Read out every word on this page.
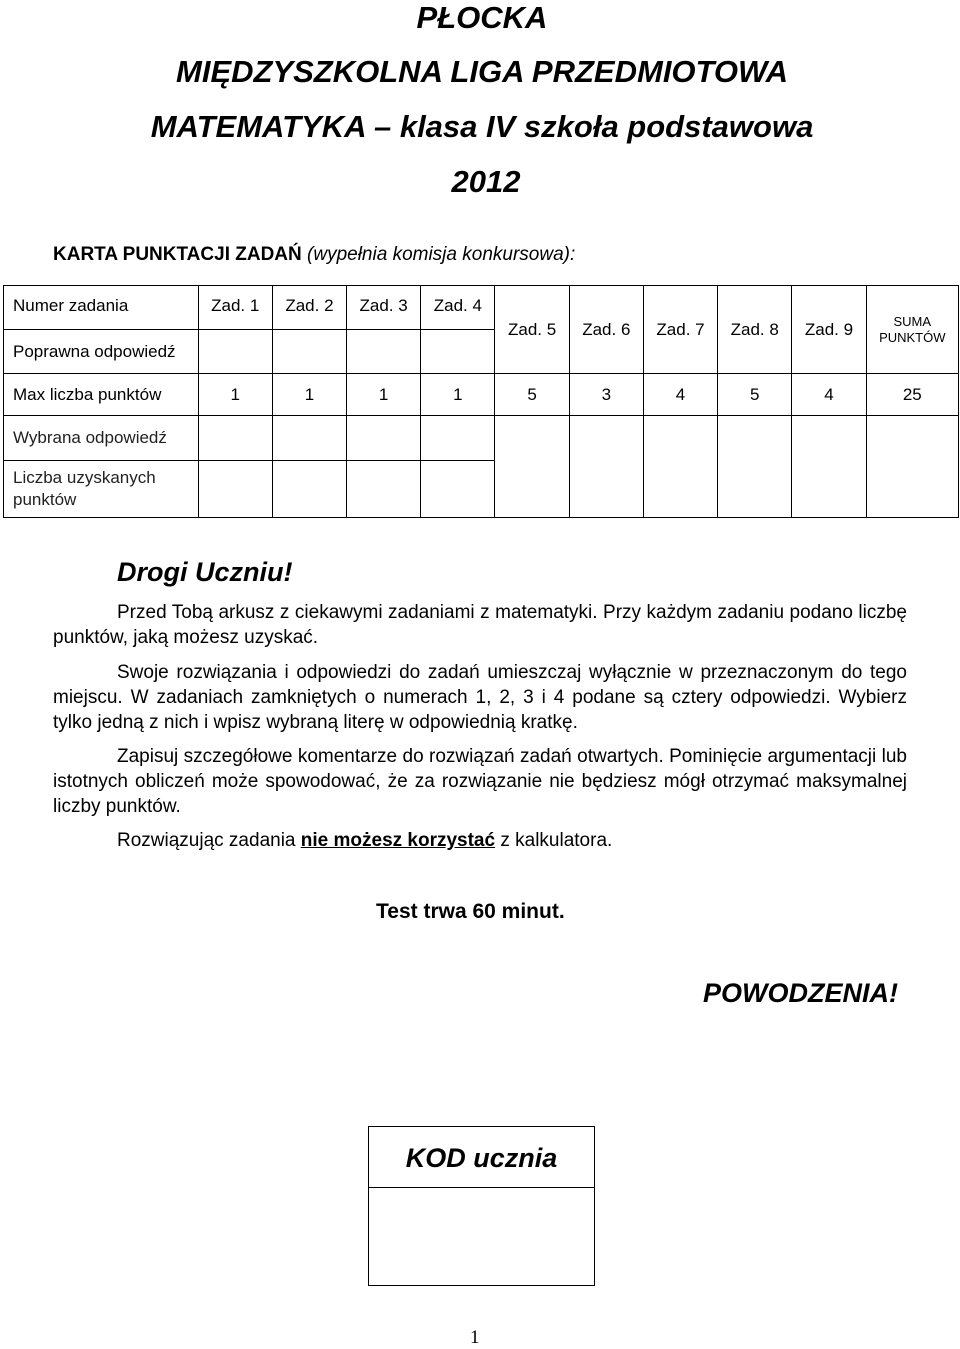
PŁOCKA
MIĘDZYSZKOLNA LIGA PRZEDMIOTOWA
MATEMATYKA – klasa IV szkoła podstawowa
2012
KARTA PUNKTACJI ZADAŃ (wypełnia komisja konkursowa):
Numer zadania	Zad. 1	Zad. 2	Zad. 3	Zad. 4	Zad. 5	Zad. 6	Zad. 7	Zad. 8	Zad. 9	SUMA
PUNKTÓW
Poprawna odpowiedź										
Max liczba punktów	1	1	1	1	5	3	4	5	4	25
Wybrana odpowiedź										
Liczba uzyskanych punktów										
Drogi Uczniu!
Przed Tobą arkusz z ciekawymi zadaniami z matematyki. Przy każdym zadaniu podano liczbę punktów, jaką możesz uzyskać.
Swoje rozwiązania i odpowiedzi do zadań umieszczaj wyłącznie w przeznaczonym do tego miejscu. W zadaniach zamkniętych o numerach 1, 2, 3 i 4 podane są cztery odpowiedzi. Wybierz tylko jedną z nich i wpisz wybraną literę w odpowiednią kratkę.
Zapisuj szczegółowe komentarze do rozwiązań zadań otwartych. Pominięcie argumentacji lub istotnych obliczeń może spowodować, że za rozwiązanie nie będziesz mógł otrzymać maksymalnej liczby punktów.
Rozwiązując zadania nie możesz korzystać z kalkulatora.
Test trwa 60 minut.
POWODZENIA!
KOD ucznia
1
